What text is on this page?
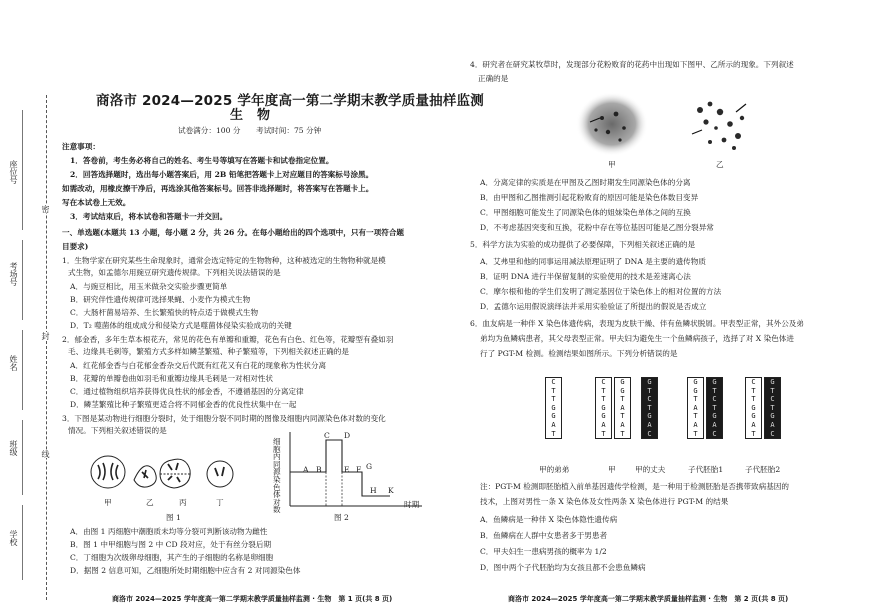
座位号
考场号
姓名
班级
学校
密
封
线
商洛市 2024—2025 学年度高一第二学期末教学质量抽样监测
生物
试卷满分：100 分 考试时间：75 分钟
注意事项：
1．答卷前，考生务必将自己的姓名、考生号等填写在答题卡和试卷指定位置。
2．回答选择题时，选出每小题答案后，用 2B 铅笔把答题卡上对应题目的答案标号涂黑。
如需改动，用橡皮擦干净后，再选涂其他答案标号。回答非选择题时，将答案写在答题卡上。
写在本试卷上无效。
3．考试结束后，将本试卷和答题卡一并交回。
一、单选题(本题共 13 小题，每小题 2 分，共 26 分。在每小题给出的四个选项中，只有一项符合题
目要求)
1．生物学家在研究某些生命现象时，通常会选定特定的生物物种，这种被选定的生物物种就是模
式生物，如孟德尔用豌豆研究遗传规律。下列相关说法错误的是
A．与豌豆相比，用玉米做杂交实验步骤更简单
B．研究伴性遗传规律可选择果蝇、小麦作为模式生物
C．大肠杆菌易培养、生长繁殖快的特点适于做模式生物
D．T₂ 噬菌体的组成成分和侵染方式是噬菌体侵染实验成功的关键
2．郁金香，多年生草本根花卉，常见的花色有单瓣和重瓣，花色有白色、红色等，花瓣型有叠如羽
毛、边缘具毛刺等，繁殖方式多样如鳞茎繁殖、种子繁殖等，下列相关叙述正确的是
A．红花郁金香与白花郁金香杂交后代既有红花又有白花的现象称为性状分离
B．花瓣的单瓣卷曲如羽毛和重瓣边缘具毛刺是一对相对性状
C．通过植物组织培养获得优良性状的郁金香，不遵循基因的分离定律
D．鳞茎繁殖比种子繁殖更适合将不同郁金香的优良性状集中在一起
3．下图是某动物进行细胞分裂时，处于细胞分裂不同时期的图像及细胞内同源染色体对数的变化
情况。下列相关叙述错误的是
甲	乙	丙	丁
图 1
细
胞
内
同
源
染
色
体
对
数
A B
C D
E F G
H K
时期
图 2
A．由图 1 丙细胞中潮胞质未均等分裂可判断该动物为雌性
B．图 1 中甲细胞与图 2 中 CD 段对应，处于有丝分裂后期
C．丁细胞为次级卵母细胞，其产生的子细胞的名称是卵细胞
D．据图 2 信息可知，乙细胞所处时期细胞中应含有 2 对同源染色体
商洛市 2024—2025 学年度高一第二学期末教学质量抽样监测 · 生物　第 1 页(共 8 页)
4．研究者在研究某牧草时，发现部分花粉败育的花药中出现如下图甲、乙所示的现象。下列叙述
正确的是
甲	乙
A．分离定律的实质是在甲图及乙图时期发生同源染色体的分离
B．由甲图和乙图推测引起花粉败育的原因可能是染色体数目变异
C．甲图细胞可能发生了同源染色体的姐妹染色单体之间的互换
D．不考虑基因突变和互换，花粉中存在等位基因可能是乙图分裂异常
5．科学方法为实验的成功提供了必要保障，下列相关叙述正确的是
A．艾弗里和他的同事运用减法原理证明了 DNA 是主要的遗传物质
B．证明 DNA 进行半保留复制的实验使用的技术是差速离心法
C．摩尔根和他的学生们发明了测定基因位于染色体上的相对位置的方法
D．孟德尔运用假说演绎法并采用实验验证了所提出的假说是否成立
6．血友病是一种伴 X 染色体遗传病，表现为皮肤干燥、伴有鱼鳞状脱屑。甲表型正常，其外公及弟
弟均为鱼鳞病患者，其父母表型正常。甲夫妇为避免生一个鱼鳞病孩子，选择了对 X 染色体进
行了 PGT-M 检测。检测结果如图所示。下列分析错误的是
C
T
T
G
G
A
T
C
T
T
G
G
A
T
G
G
T
A
T
A
T
G
T
C
T
G
A
C
G
G
T
A
T
A
T
G
T
C
T
G
A
C
C
T
T
G
G
A
T
G
T
C
T
G
A
C
甲的弟弟	甲	甲的丈夫	子代胚胎1	子代胚胎2
注：PGT-M 检测即胚胎植入前单基因遗传学检测，是一种用于检测胚胎是否携带致病基因的
技术，上图对男性一条 X 染色体及女性两条 X 染色体进行 PGT-M 的结果
A．鱼鳞病是一种伴 X 染色体隐性遗传病
B．鱼鳞病在人群中女患者多于男患者
C．甲夫妇生一患病男孩的概率为 1/2
D．图中两个子代胚胎均为女孩且都不会患鱼鳞病
商洛市 2024—2025 学年度高一第二学期末教学质量抽样监测 · 生物　第 2 页(共 8 页)
